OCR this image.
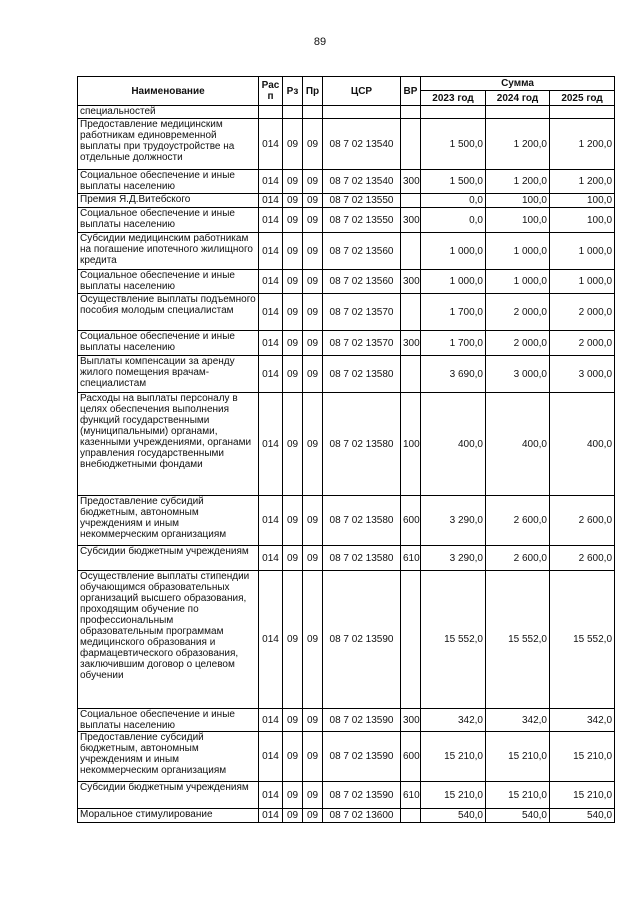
89
Наименование	Рас п	Рз	Пр	ЦСР	ВР	Сумма		
						2023 год	2024 год	2025 год
специальностей								
Предоставление медицинским работникам единовременной выплаты при трудоустройстве на отдельные должности	014	09	09	08 7 02 13540		1 500,0	1 200,0	1 200,0
Социальное обеспечение и иные выплаты населению	014	09	09	08 7 02 13540	300	1 500,0	1 200,0	1 200,0
Премия Я.Д.Витебского	014	09	09	08 7 02 13550		0,0	100,0	100,0
Социальное обеспечение и иные выплаты населению	014	09	09	08 7 02 13550	300	0,0	100,0	100,0
Субсидии медицинским работникам на погашение ипотечного жилищного кредита	014	09	09	08 7 02 13560		1 000,0	1 000,0	1 000,0
Социальное обеспечение и иные выплаты населению	014	09	09	08 7 02 13560	300	1 000,0	1 000,0	1 000,0
Осуществление выплаты подъемного пособия молодым специалистам	014	09	09	08 7 02 13570		1 700,0	2 000,0	2 000,0
Социальное обеспечение и иные выплаты населению	014	09	09	08 7 02 13570	300	1 700,0	2 000,0	2 000,0
Выплаты компенсации за аренду жилого помещения врачам-специалистам	014	09	09	08 7 02 13580		3 690,0	3 000,0	3 000,0
Расходы на выплаты персоналу в целях обеспечения выполнения функций государственными (муниципальными) органами, казенными учреждениями, органами управления государственными внебюджетными фондами	014	09	09	08 7 02 13580	100	400,0	400,0	400,0
Предоставление субсидий бюджетным, автономным учреждениям и иным некоммерческим организациям	014	09	09	08 7 02 13580	600	3 290,0	2 600,0	2 600,0
Субсидии бюджетным учреждениям	014	09	09	08 7 02 13580	610	3 290,0	2 600,0	2 600,0
Осуществление выплаты стипендии обучающимся образовательных организаций высшего образования, проходящим обучение по профессиональным образовательным программам медицинского образования и фармацевтического образования, заключившим договор о целевом обучении	014	09	09	08 7 02 13590		15 552,0	15 552,0	15 552,0
Социальное обеспечение и иные выплаты населению	014	09	09	08 7 02 13590	300	342,0	342,0	342,0
Предоставление субсидий бюджетным, автономным учреждениям и иным некоммерческим организациям	014	09	09	08 7 02 13590	600	15 210,0	15 210,0	15 210,0
Субсидии бюджетным учреждениям	014	09	09	08 7 02 13590	610	15 210,0	15 210,0	15 210,0
Моральное стимулирование	014	09	09	08 7 02 13600		540,0	540,0	540,0
